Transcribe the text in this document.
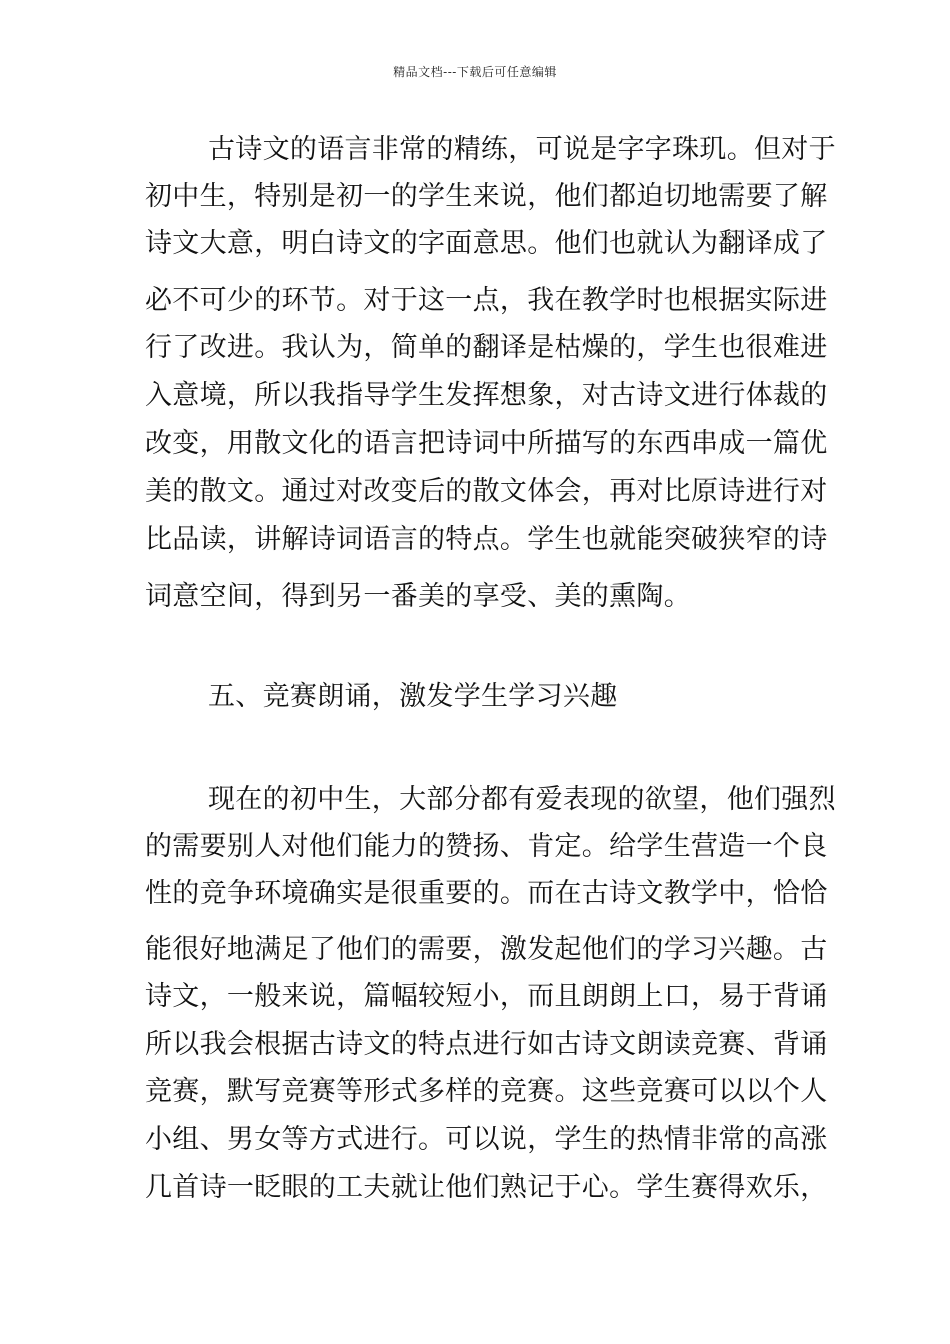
精品文档---下载后可任意编辑
古诗文的语言非常的精练，可说是字字珠玑。但对于
初中生，特别是初一的学生来说，他们都迫切地需要了解
诗文大意，明白诗文的字面意思。他们也就认为翻译成了
必不可少的环节。对于这一点，我在教学时也根据实际进
行了改进。我认为，简单的翻译是枯燥的，学生也很难进
入意境，所以我指导学生发挥想象，对古诗文进行体裁的
改变，用散文化的语言把诗词中所描写的东西串成一篇优
美的散文。通过对改变后的散文体会，再对比原诗进行对
比品读，讲解诗词语言的特点。学生也就能突破狭窄的诗
词意空间，得到另一番美的享受、美的熏陶。
五、竞赛朗诵，激发学生学习兴趣
现在的初中生，大部分都有爱表现的欲望，他们强烈
的需要别人对他们能力的赞扬、肯定。给学生营造一个良
性的竞争环境确实是很重要的。而在古诗文教学中，恰恰
能很好地满足了他们的需要，激发起他们的学习兴趣。古
诗文，一般来说，篇幅较短小，而且朗朗上口，易于背诵
所以我会根据古诗文的特点进行如古诗文朗读竞赛、背诵
竞赛，默写竞赛等形式多样的竞赛。这些竞赛可以以个人
小组、男女等方式进行。可以说，学生的热情非常的高涨
几首诗一眨眼的工夫就让他们熟记于心。学生赛得欢乐，
